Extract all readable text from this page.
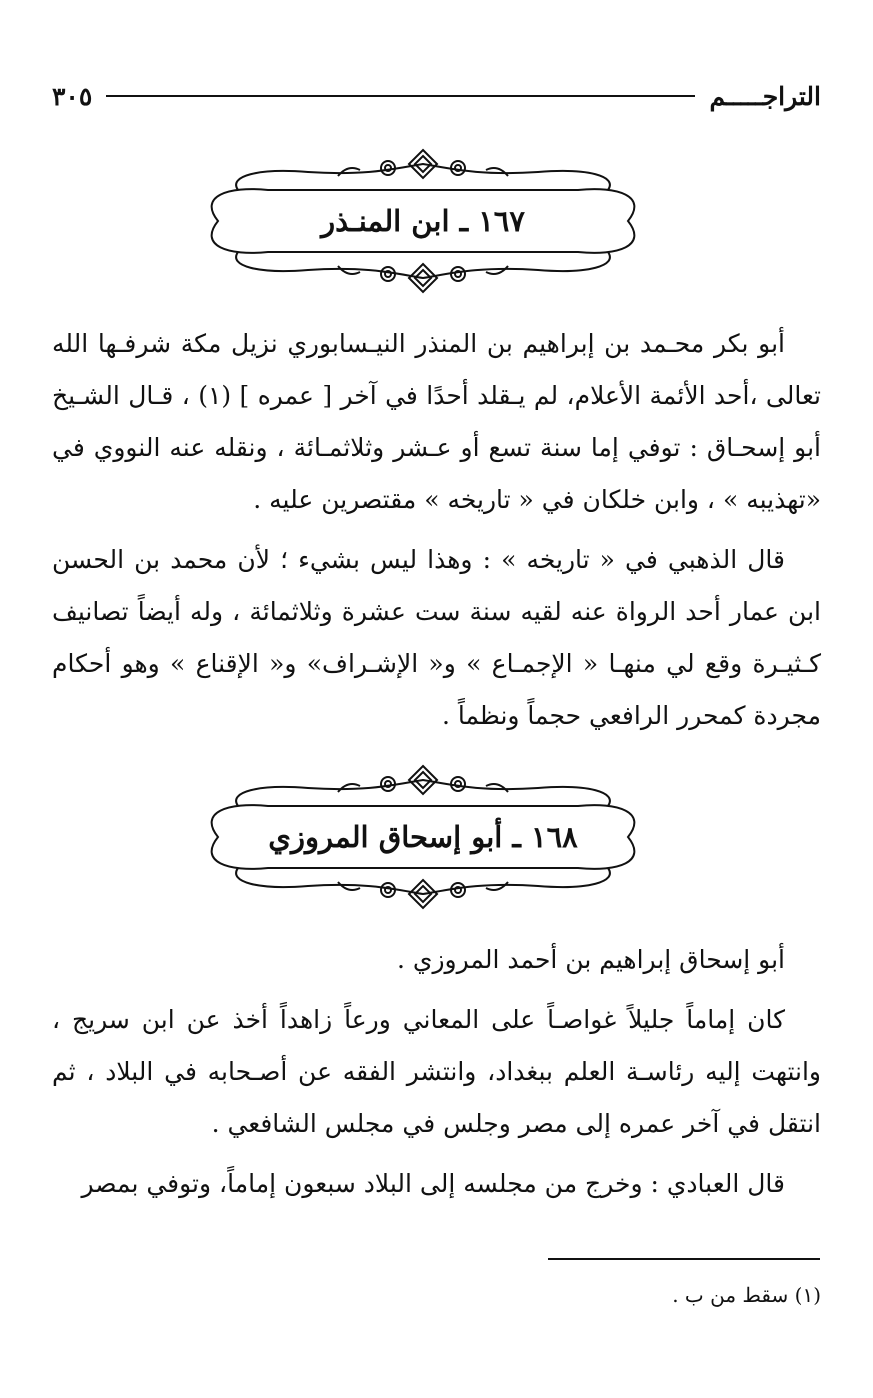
التراجـــــم
٣٠٥
١٦٧ ـ ابن المنـذر

أبو بكر محـمد بن إبراهيم بن المنذر النيـسابوري نزيل مكة شرفـها الله تعالى ،أحد الأئمة الأعلام، لم يـقلد أحدًا في آخر [ عمره ] (١) ، قـال الشـيخ أبو إسحـاق : توفي إما سنة تسع أو عـشر وثلاثمـائة ، ونقله عنه النووي في «تهذيبه » ، وابن خلكان في « تاريخه » مقتصرين عليه .

قال الذهبي في « تاريخه » : وهذا ليس بشيء ؛ لأن محمد بن الحسن ابن عمار أحد الرواة عنه لقيه سنة ست عشرة وثلاثمائة ، وله أيضاً تصانيف كـثيـرة وقع لي منهـا « الإجمـاع » و« الإشـراف» و« الإقناع » وهو أحكام مجردة كمحرر الرافعي حجماً ونظماً .

١٦٨ ـ أبو إسحاق المروزي

أبو إسحاق إبراهيم بن أحمد المروزي .

كان إماماً جليلاً غواصـاً على المعاني ورعاً زاهداً أخذ عن ابن سريج ، وانتهت إليه رئاسـة العلم ببغداد، وانتشر الفقه عن أصـحابه في البلاد ، ثم انتقل في آخر عمره إلى مصر وجلس في مجلس الشافعي .

قال العبادي : وخرج من مجلسه إلى البلاد سبعون إماماً، وتوفي بمصر

(١) سقط من ب .
